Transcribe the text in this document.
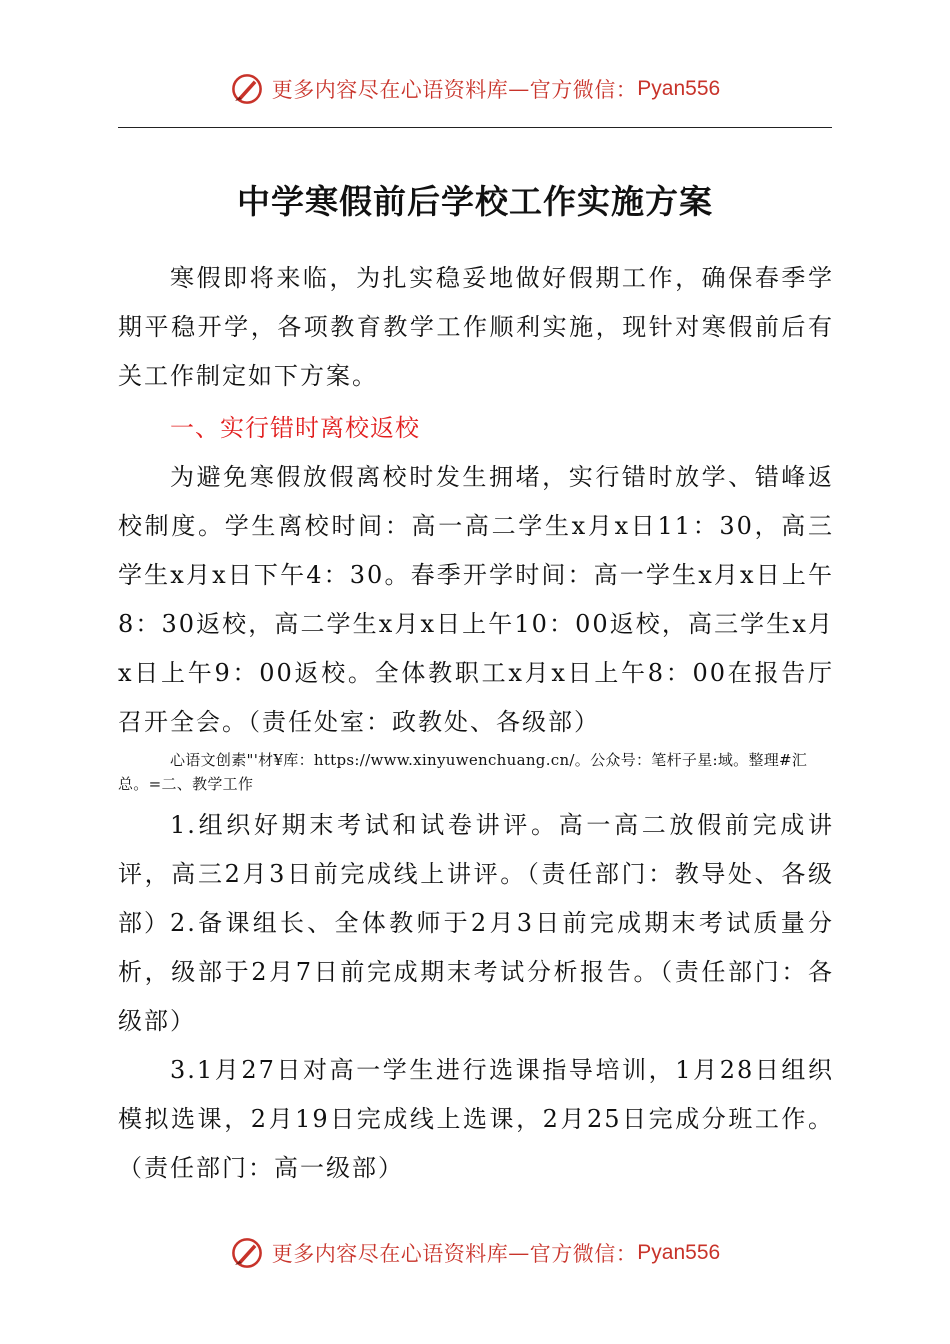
更多内容尽在心语资料库 — 官方微信： Pyan556
中学寒假前后学校工作实施方案

寒假即将来临，为扎实稳妥地做好假期工作，确保春季学期平稳开学，各项教育教学工作顺利实施，现针对寒假前后有关工作制定如下方案。

一、实行错时离校返校

为避免寒假放假离校时发生拥堵，实行错时放学、错峰返校制度。学生离校时间：高一高二学生x月x日11：30，高三学生x月x日下午4：30。春季开学时间：高一学生x月x日上午8：30返校，高二学生x月x日上午10：00返校，高三学生x月x日上午9：00返校。全体教职工x月x日上午8：00在报告厅召开全会。（责任处室：政教处、各级部）

心语文创素"'材¥库：https://www.xinyuwenchuang.cn/。公众号：笔杆子星:域。整理#汇总。=二、教学工作

1.组织好期末考试和试卷讲评。高一高二放假前完成讲评，高三2月3日前完成线上讲评。（责任部门：教导处、各级部） 2.备课组长、全体教师于2月3日前完成期末考试质量分析，级部于2月7日前完成期末考试分析报告。（责任部门：各级部）

3.1月27日对高一学生进行选课指导培训，1月28日组织模拟选课，2月19日完成线上选课，2月25日完成分班工作。（责任部门：高一级部）

更多内容尽在心语资料库 — 官方微信： Pyan556
